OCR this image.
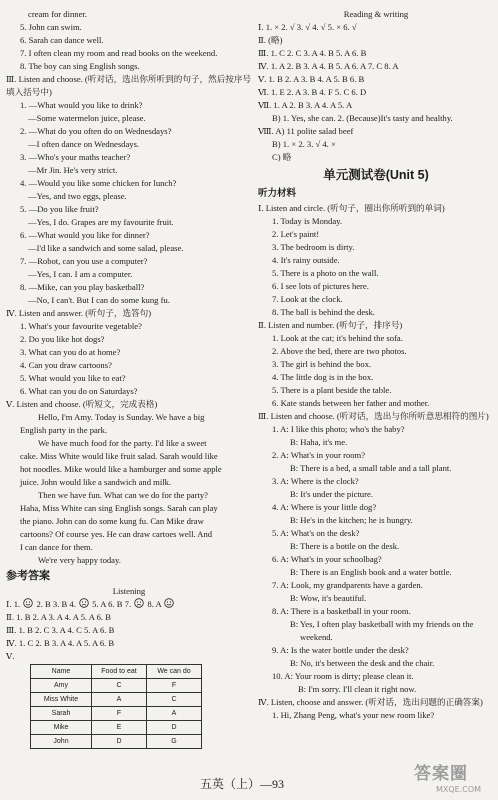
cream for dinner.
5. John can swim.
6. Sarah can dance well.
7. I often clean my room and read books on the weekend.
8. The boy can sing English songs.
Ⅲ. Listen and choose. (听对话，选出你所听到的句子，然后按序号填入括号中)
1. —What would you like to drink?
—Some watermelon juice, please.
2. —What do you often do on Wednesdays?
—I often dance on Wednesdays.
3. —Who's your maths teacher?
—Mr Jin. He's very strict.
4. —Would you like some chicken for lunch?
—Yes, and two eggs, please.
5. —Do you like fruit?
—Yes, I do. Grapes are my favourite fruit.
6. —What would you like for dinner?
—I'd like a sandwich and some salad, please.
7. —Robot, can you use a computer?
—Yes, I can. I am a computer.
8. —Mike, can you play basketball?
—No, I can't. But I can do some kung fu.
Ⅳ. Listen and answer. (听句子，选答句)
1. What's your favourite vegetable?
2. Do you like hot dogs?
3. What can you do at home?
4. Can you draw cartoons?
5. What would you like to eat?
6. What can you do on Saturdays?
Ⅴ. Listen and choose. (听短文，完成表格)
Hello, I'm Amy. Today is Sunday. We have a big
English party in the park.
We have much food for the party. I'd like a sweet
cake. Miss White would like fruit salad. Sarah would like
hot noodles. Mike would like a hamburger and some apple
juice. John would like a sandwich and milk.
Then we have fun. What can we do for the party?
Haha, Miss White can sing English songs. Sarah can play
the piano. John can do some kung fu. Can Mike draw
cartoons? Of course yes. He can draw cartoes well. And
I can dance for them.
We're very happy today.
参考答案
Listening
Ⅰ. 1. 2. B 3. B 4. 5. A 6. B 7. 8. A
Ⅱ. 1. B 2. A 3. A 4. A 5. A 6. B
Ⅲ. 1. B 2. C 3. A 4. C 5. A 6. B
Ⅳ. 1. C 2. B 3. A 4. A 5. A 6. B
Ⅴ.
Name	Food to eat	We can do
Amy	C	F
Miss White	A	C
Sarah	F	A
Mike	E	D
John	D	G
Reading & writing
Ⅰ. 1. × 2. √ 3. √ 4. √ 5. × 6. √
Ⅱ. (略)
Ⅲ. 1. C 2. C 3. A 4. B 5. A 6. B
Ⅳ. 1. A 2. B 3. A 4. B 5. A 6. A 7. C 8. A
Ⅴ. 1. B 2. A 3. B 4. A 5. B 6. B
Ⅵ. 1. E 2. A 3. B 4. F 5. C 6. D
Ⅶ. 1. A 2. B 3. A 4. A 5. A
B) 1. Yes, she can. 2. (Because)It's tasty and healthy.
Ⅷ. A) 11 polite salad beef
B) 1. × 2. 3. √ 4. ×
C) 略
单元测试卷(Unit 5)
听力材料
Ⅰ. Listen and circle. (听句子，圈出你所听到的单词)
1. Today is Monday.
2. Let's paint!
3. The bedroom is dirty.
4. It's rainy outside.
5. There is a photo on the wall.
6. I see lots of pictures here.
7. Look at the clock.
8. The ball is behind the desk.
Ⅱ. Listen and number. (听句子，排序号)
1. Look at the cat; it's behind the sofa.
2. Above the bed, there are two photos.
3. The girl is behind the box.
4. The little dog is in the box.
5. There is a plant beside the table.
6. Kate stands between her father and mother.
Ⅲ. Listen and choose. (听对话，选出与你所听意思相符的图片)
1. A: I like this photo; who's the baby?
B: Haha, it's me.
2. A: What's in your room?
B: There is a bed, a small table and a tall plant.
3. A: Where is the clock?
B: It's under the picture.
4. A: Where is your little dog?
B: He's in the kitchen; he is hungry.
5. A: What's on the desk?
B: There is a bottle on the desk.
6. A: What's in your schoolbag?
B: There is an English book and a water bottle.
7. A: Look, my grandparents have a garden.
B: Wow, it's beautiful.
8. A: There is a basketball in your room.
B: Yes, I often play basketball with my friends on the
weekend.
9. A: Is the water bottle under the desk?
B: No, it's between the desk and the chair.
10. A: Your room is dirty; please clean it.
B: I'm sorry. I'll clean it right now.
Ⅳ. Listen, choose and answer. (听对话，选出问题的正确答案)
1. Hi, Zhang Peng, what's your new room like?
五英（上）—93	答案圈
MXQE.COM
